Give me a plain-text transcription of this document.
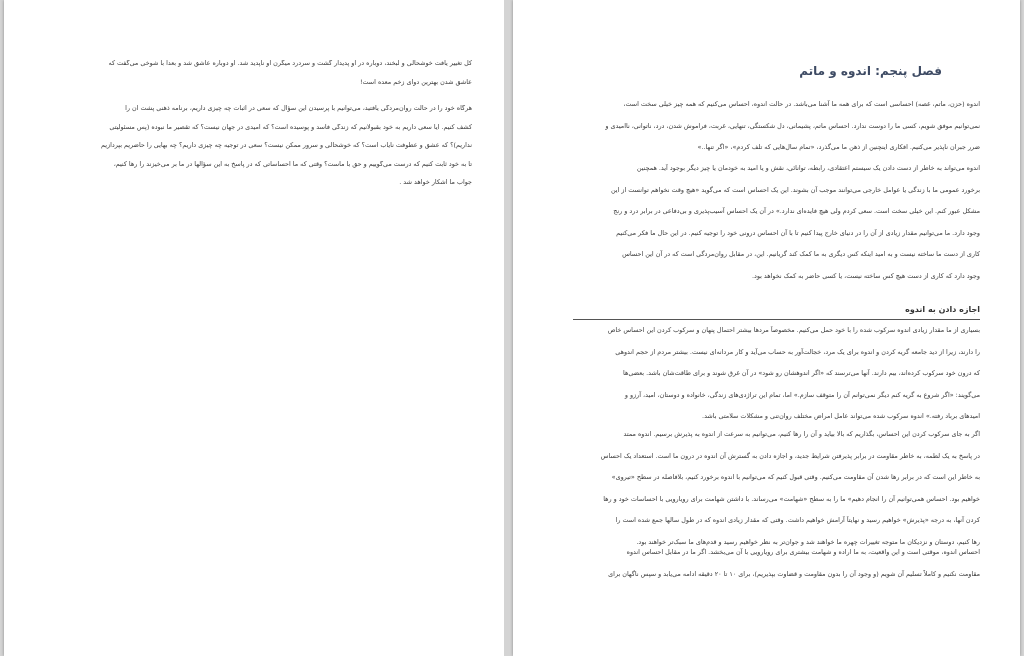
کل تغییر یافت خوشحالی و لبخند، دوباره در او پدیدار گشت و سردرد میگرن او ناپدید شد. او دوباره عاشق شد و بعداً با شوخی می‌گفت که
عاشق شدن بهترین دوای زخم معده است!
هرگاه خود را در حالت روان‌مردگی یافتید، می‌توانیم با پرسیدن این سؤال که سعی در اثبات چه چیزی داریم، برنامه ذهنی پشت آن را
کشف کنیم. آیا سعی داریم به خود بقبولانیم که زندگی فاسد و پوسیده است؟ که امیدی در جهان نیست؟ که تقصیر ما نبوده (پس مسئولیتی
نداریم)؟ که عشق و عطوفت نایاب است؟ که خوشحالی و سرور ممکن نیست؟ سعی در توجیه چه چیزی داریم؟ چه بهایی را حاضریم بپردازیم
تا به خود ثابت کنیم که درست می‌گوییم و حق با ماست؟ وقتی که ما احساساتی که در پاسخ به این سؤالها در ما بر می‌خیزند را رها کنیم،
جواب ما آشکار خواهد شد .
فصل پنجم: اندوه و ماتم
اندوه (حزن، ماتم، غصه) احساسی است که برای همه ما آشنا می‌باشد. در حالت اندوه، احساس می‌کنیم که همه چیز خیلی سخت است،
نمی‌توانیم موفق شویم، کسی ما را دوست ندارد. احساس ماتم، پشیمانی، دل شکستگی، تنهایی، غربت، فراموش شدن، درد، ناتوانی، ناامیدی و
ضرر جبران ناپذیر می‌کنیم. افکاری اینچنین از ذهن ما می‌گذرد، «تمام سال‌هایی که تلف کردم»، «اگر تنها..»
اندوه می‌تواند به خاطر از دست دادن یک سیستم اعتقادی، رابطه، توانائی، نقش و یا امید به خودمان یا چیز دیگر بوجود آید. همچنین
برخورد عمومی ما با زندگی یا عوامل خارجی می‌توانند موجب آن بشوند. این یک احساس است که می‌گوید «هیچ وقت نخواهم توانست از این
مشکل عبور کنم. این خیلی سخت است. سعی کردم ولی هیچ فایده‌ای ندارد.» در آن یک احساس آسیب‌پذیری و بی‌دفاعی در برابر درد و رنج
وجود دارد. ما می‌توانیم مقدار زیادی از آن را در دنیای خارج پیدا کنیم تا با آن احساس درونی خود را توجیه کنیم. در این حال ما فکر می‌کنیم
کاری از دست ما ساخته نیست و به امید اینکه کس دیگری به ما کمک کند گریانیم. این، در مقابل روان‌مردگی است که در آن این احساس
وجود دارد که کاری از دست هیچ کس ساخته نیست، یا کسی حاضر به کمک نخواهد بود.
اجازه دادن به اندوه
بسیاری از ما مقدار زیادی اندوه سرکوب شده را با خود حمل می‌کنیم. مخصوصاً مردها بیشتر احتمال پنهان و سرکوب کردن این احساس خاص
را دارند، زیرا از دید جامعه گریه کردن و اندوه برای یک مرد، خجالت‌آور به حساب می‌آید و کار مردانه‌ای نیست. بیشتر مردم از حجم اندوهی
که درون خود سرکوب کرده‌اند، بیم دارند. آنها می‌ترسند که «اگر اندوهشان رو شود» در آن غرق شوند و برای طاقت‌شان باشد. بعضی‌ها
می‌گویند: «اگر شروع به گریه کنم دیگر نمی‌توانم آن را متوقف سازم.» اما، تمام این تراژدی‌های زندگی، خانواده و دوستان، امید، آرزو و
امیدهای برباد رفته.» اندوه سرکوب شده می‌تواند عامل امراض مختلف روان‌تنی و مشکلات سلامتی باشد.
اگر به جای سرکوب کردن این احساس، بگذاریم که بالا بیاید و آن را رها کنیم، می‌توانیم به سرعت از اندوه به پذیرش برسیم. اندوه ممتد
در پاسخ به یک لطمه، به خاطر مقاومت در برابر پذیرفتن شرایط جدید، و اجازه دادن به گسترش آن اندوه در درون ما است. استعداد یک احساس
به خاطر این است که در برابر رها شدن آن مقاومت می‌کنیم. وقتی قبول کنیم که می‌توانیم با اندوه برخورد کنیم، بلافاصله در سطح «تیروی»
خواهیم بود. احساس همی‌توانیم آن را انجام دهیم» ما را به سطح «شهامت» می‌رساند. با داشتن شهامت برای رویارویی با احساسات خود و رها
کردن آنها، به درجه «پذیرش» خواهیم رسید و نهایتاً آرامش خواهیم داشت. وقتی که مقدار زیادی اندوه که در طول سالها جمع شده است را
رها کنیم، دوستان و نزدیکان ما متوجه تغییرات چهره ما خواهند شد و جوان‌تر به نظر خواهیم رسید و قدم‌های ما سبک‌تر خواهند بود.
احساس اندوه، موقتی است و این واقعیت، به ما اراده و شهامت بیشتری برای رویارویی با آن می‌بخشد. اگر ما در مقابل احساس اندوه
مقاومت نکنیم و کاملاً تسلیم آن شویم (و وجود آن را بدون مقاومت و قضاوت بپذیریم)، برای ۱۰ تا ۲۰ دقیقه ادامه می‌یابد و سپس ناگهان برای
